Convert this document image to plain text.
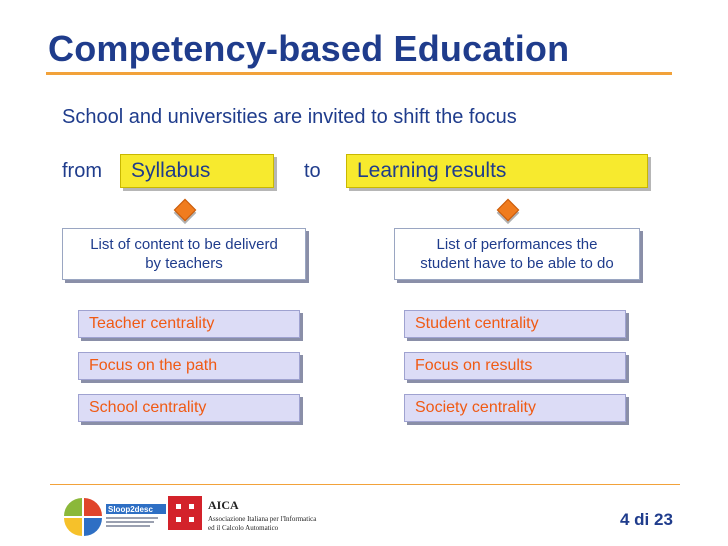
Competency-based Education
School and universities are invited to shift the focus
from	Syllabus	to	Learning results
List of content to be deliverd
by teachers
List of performances the
student have to be able to do
Teacher centrality
Focus on the path
School centrality
Student centrality
Focus on results
Society centrality
Sloop2desc	AICA
Associazione Italiana per l'Informatica
ed il Calcolo Automatico	4 di 23
